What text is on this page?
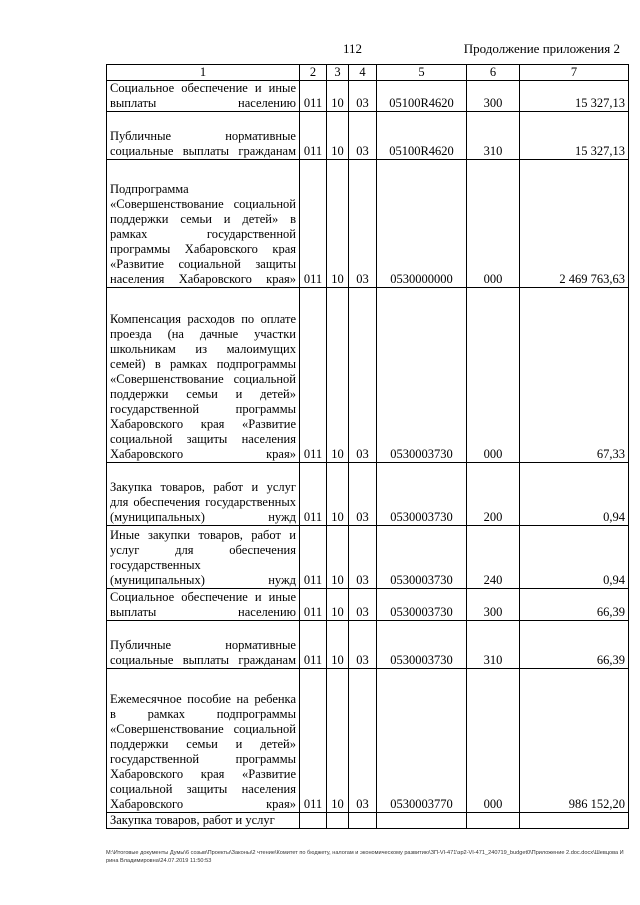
112	Продолжение приложения 2
1	2	3	4	5	6	7
Социальное обеспечение и иные выплаты населению	011	10	03	05100R4620	300	15 327,13
Публичные нормативные социальные выплаты гражданам	011	10	03	05100R4620	310	15 327,13
Подпрограмма «Совершенствование социальной поддержки семьи и детей» в рамках государственной программы Хабаровского края «Развитие социальной защиты населения Хабаровского края»	011	10	03	0530000000	000	2 469 763,63
Компенсация расходов по оплате проезда (на дачные участки школьникам из малоимущих семей) в рамках подпрограммы «Совершенствование социальной поддержки семьи и детей» государственной программы Хабаровского края «Развитие социальной защиты населения Хабаровского края»	011	10	03	0530003730	000	67,33
Закупка товаров, работ и услуг для обеспечения государственных (муниципальных) нужд	011	10	03	0530003730	200	0,94
Иные закупки товаров, работ и услуг для обеспечения государственных (муниципальных) нужд	011	10	03	0530003730	240	0,94
Социальное обеспечение и иные выплаты населению	011	10	03	0530003730	300	66,39
Публичные нормативные социальные выплаты гражданам	011	10	03	0530003730	310	66,39
Ежемесячное пособие на ребенка в рамках подпрограммы «Совершенствование социальной поддержки семьи и детей» государственной программы Хабаровского края «Развитие социальной защиты населения Хабаровского края»	011	10	03	0530003770	000	986 152,20
Закупка товаров, работ и услуг						
M:\Итоговые документы Думы\6 созыв\Проекты\Законы\2 чтение\Комитет по бюджету, налогам и экономическому развитию\ЗП-VI-471\зр2-VI-471_240719_budget0\Приложение 2.doc.docx\Шевцова Ирина Владимировна\24.07.2019 11:50:53
